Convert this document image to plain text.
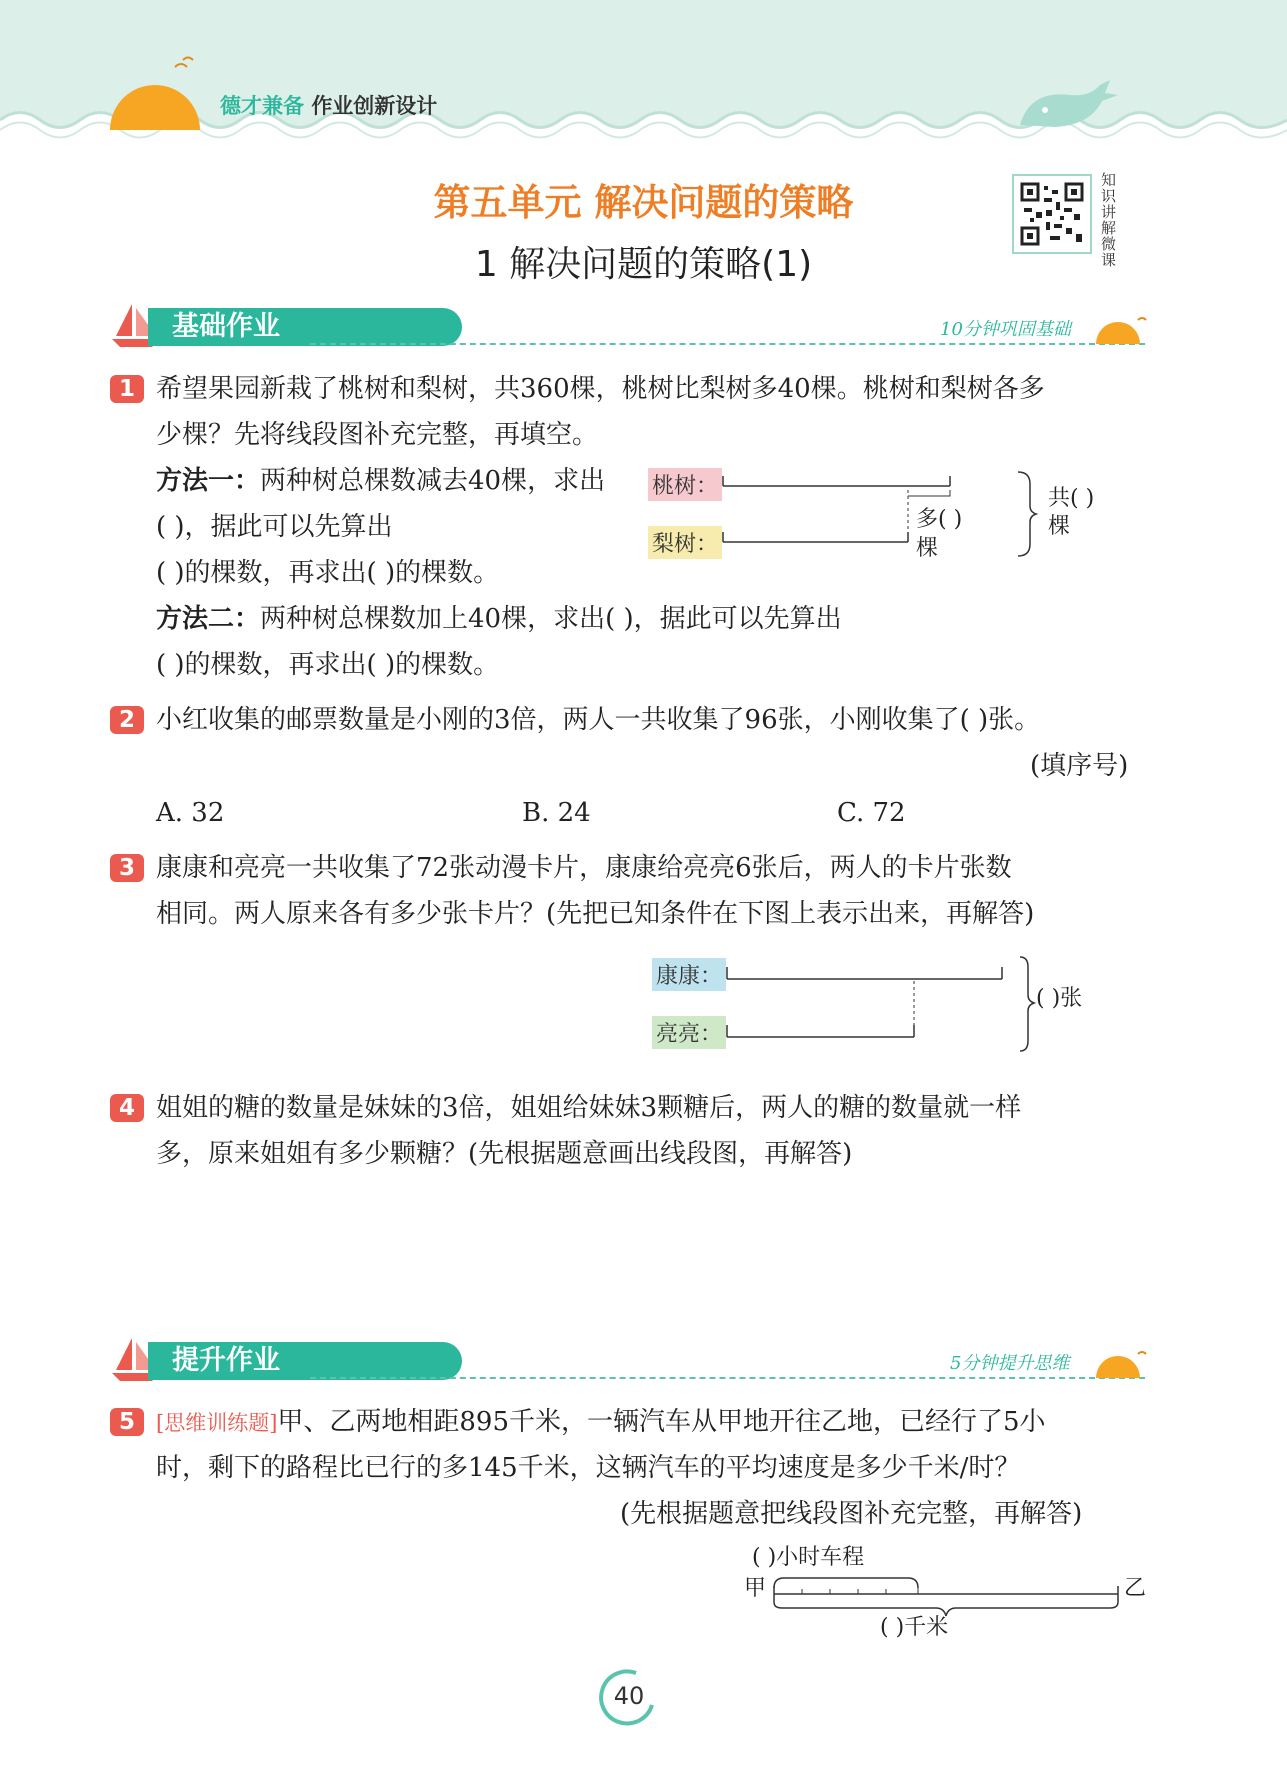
德才兼备 作业创新设计
第五单元 解决问题的策略
1 解决问题的策略(1)
知识讲解微课
基础作业	10分钟巩固基础
1 希望果园新栽了桃树和梨树，共360棵，桃树比梨树多40棵。桃树和梨树各多
少棵？先将线段图补充完整，再填空。
方法一：两种树总棵数减去40棵，求出
( )，据此可以先算出
( )的棵数，再求出( )的棵数。
方法二：两种树总棵数加上40棵，求出( )，据此可以先算出
( )的棵数，再求出( )的棵数。
桃树：
梨树：
多( )
棵
共( )
棵
2 小红收集的邮票数量是小刚的3倍，两人一共收集了96张，小刚收集了( )张。
(填序号)
A. 32	B. 24	C. 72
3 康康和亮亮一共收集了72张动漫卡片，康康给亮亮6张后，两人的卡片张数
相同。两人原来各有多少张卡片？(先把已知条件在下图上表示出来，再解答)
康康：
亮亮：
( )张
4 姐姐的糖的数量是妹妹的3倍，姐姐给妹妹3颗糖后，两人的糖的数量就一样
多，原来姐姐有多少颗糖？(先根据题意画出线段图，再解答)
提升作业	5分钟提升思维
5	[思维训练题]甲、乙两地相距895千米，一辆汽车从甲地开往乙地，已经行了5小
时，剩下的路程比已行的多145千米，这辆汽车的平均速度是多少千米/时？
(先根据题意把线段图补充完整，再解答)
( )小时车程
甲	乙
( )千米
40
